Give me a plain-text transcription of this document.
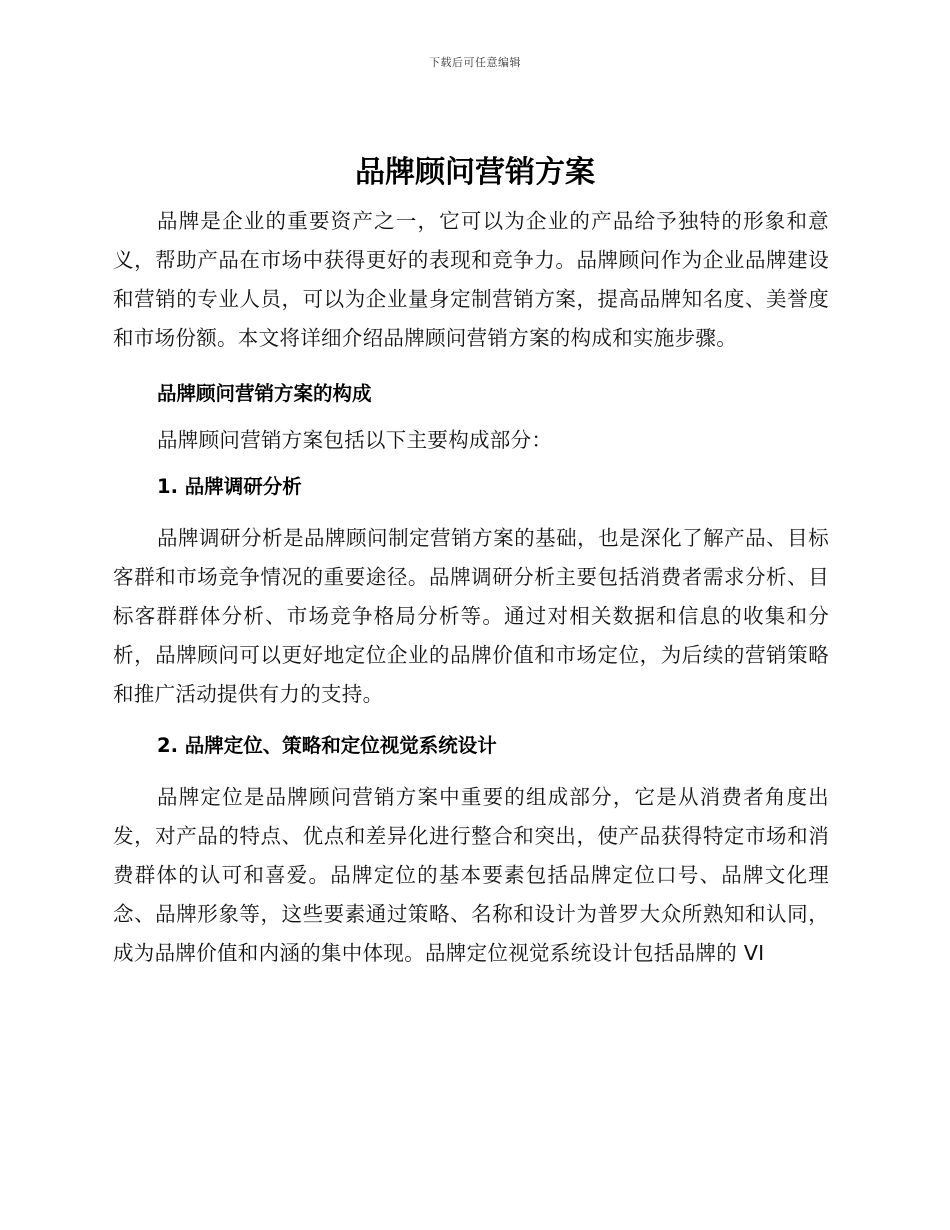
下载后可任意编辑
品牌顾问营销方案

品牌是企业的重要资产之一，它可以为企业的产品给予独特的形象和意义，帮助产品在市场中获得更好的表现和竞争力。品牌顾问作为企业品牌建设和营销的专业人员，可以为企业量身定制营销方案，提高品牌知名度、美誉度和市场份额。本文将详细介绍品牌顾问营销方案的构成和实施步骤。

品牌顾问营销方案的构成

品牌顾问营销方案包括以下主要构成部分：

1. 品牌调研分析

品牌调研分析是品牌顾问制定营销方案的基础，也是深化了解产品、目标客群和市场竞争情况的重要途径。品牌调研分析主要包括消费者需求分析、目标客群群体分析、市场竞争格局分析等。通过对相关数据和信息的收集和分析，品牌顾问可以更好地定位企业的品牌价值和市场定位，为后续的营销策略和推广活动提供有力的支持。

2. 品牌定位、策略和定位视觉系统设计

品牌定位是品牌顾问营销方案中重要的组成部分，它是从消费者角度出发，对产品的特点、优点和差异化进行整合和突出，使产品获得特定市场和消费群体的认可和喜爱。品牌定位的基本要素包括品牌定位口号、品牌文化理念、品牌形象等，这些要素通过策略、名称和设计为普罗大众所熟知和认同，成为品牌价值和内涵的集中体现。品牌定位视觉系统设计包括品牌的 VI
